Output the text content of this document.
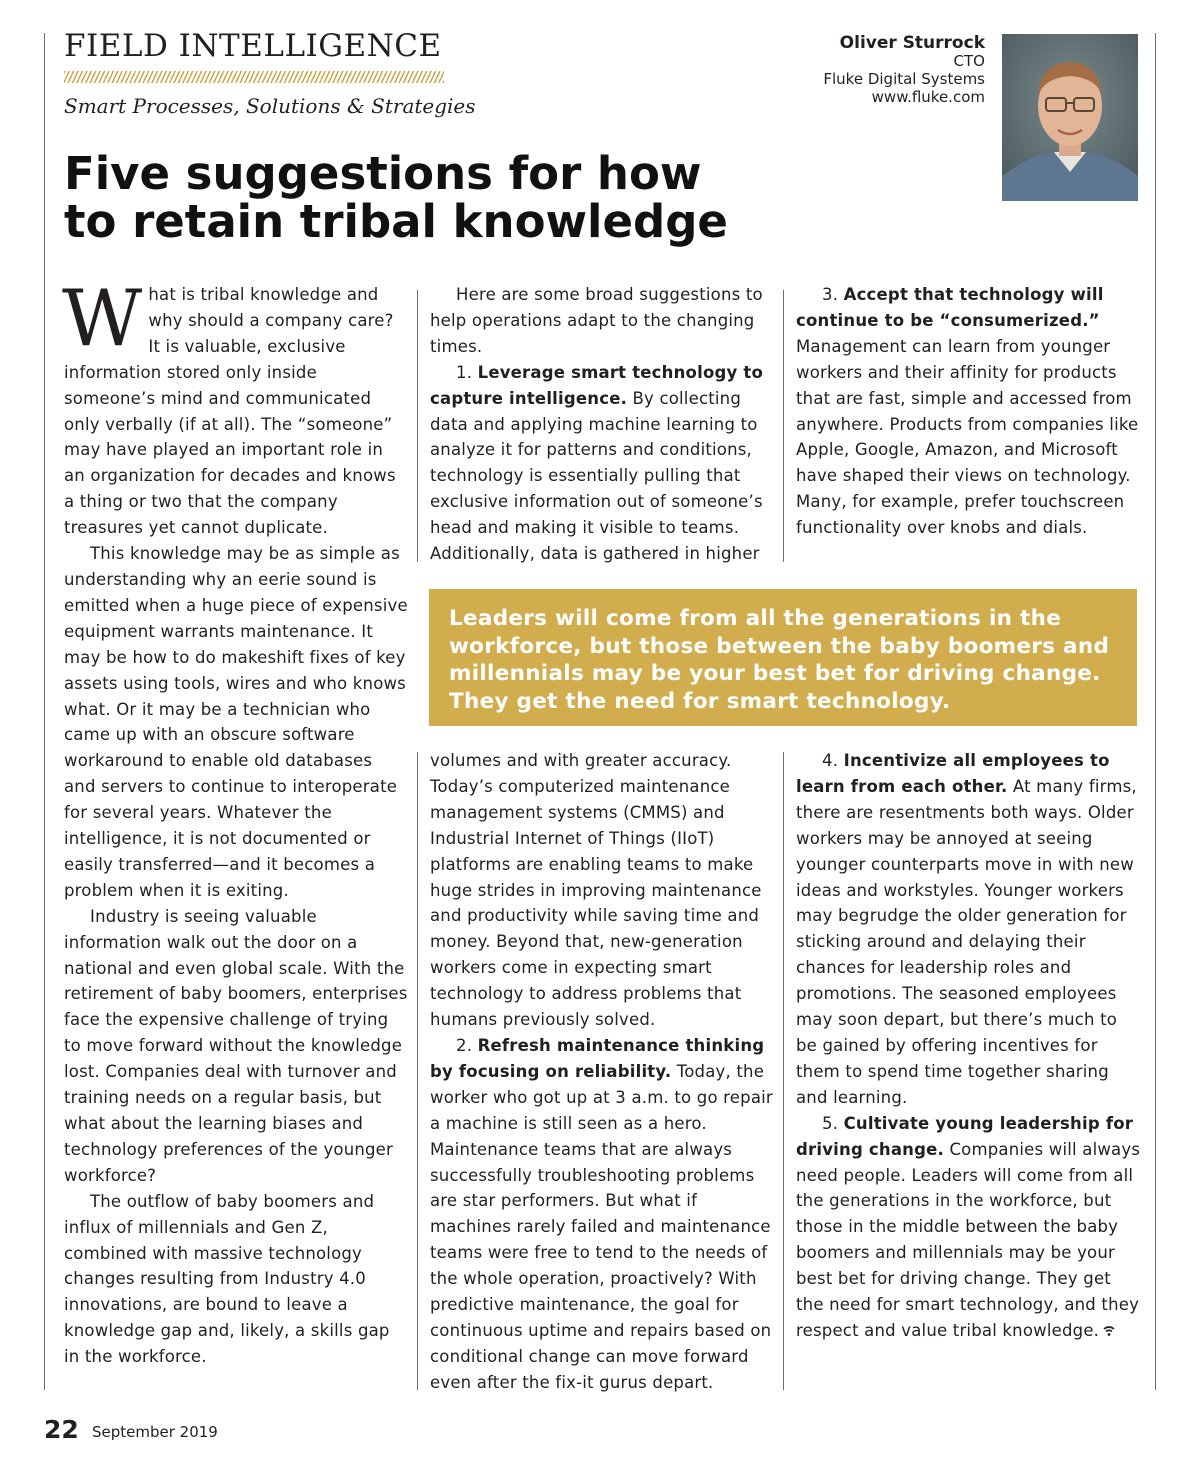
FIELD INTELLIGENCE
Smart Processes, Solutions & Strategies
Oliver Sturrock
CTO
Fluke Digital Systems
www.fluke.com
Five suggestions for how
to retain tribal knowledge

What is tribal knowledge and why should a company care? It is valuable, exclusive information stored only inside someone’s mind and communicated only verbally (if at all). The “someone” may have played an important role in an organization for decades and knows a thing or two that the company treasures yet cannot duplicate.

This knowledge may be as simple as understanding why an eerie sound is emitted when a huge piece of expensive equipment warrants maintenance. It may be how to do makeshift fixes of key assets using tools, wires and who knows what. Or it may be a technician who came up with an obscure software workaround to enable old databases and servers to continue to interoperate for several years. Whatever the intelligence, it is not documented or easily transferred—and it becomes a problem when it is exiting.

Industry is seeing valuable information walk out the door on a national and even global scale. With the retirement of baby boomers, enterprises face the expensive challenge of trying to move forward without the knowledge lost. Companies deal with turnover and training needs on a regular basis, but what about the learning biases and technology preferences of the younger workforce?

The outflow of baby boomers and influx of millennials and Gen Z, combined with massive technology changes resulting from Industry 4.0 innovations, are bound to leave a knowledge gap and, likely, a skills gap in the workforce.

Here are some broad suggestions to help operations adapt to the changing times.

1. Leverage smart technology to capture intelligence. By collecting data and applying machine learning to analyze it for patterns and conditions, technology is essentially pulling that exclusive information out of someone’s head and making it visible to teams. Additionally, data is gathered in higher

3. Accept that technology will continue to be “consumerized.” Management can learn from younger workers and their affinity for products that are fast, simple and accessed from anywhere. Products from companies like Apple, Google, Amazon, and Microsoft have shaped their views on technology. Many, for example, prefer touchscreen functionality over knobs and dials.

Leaders will come from all the generations in the workforce, but those between the baby boomers and millennials may be your best bet for driving change. They get the need for smart technology.

volumes and with greater accuracy. Today’s computerized maintenance management systems (CMMS) and Industrial Internet of Things (IIoT) platforms are enabling teams to make huge strides in improving maintenance and productivity while saving time and money. Beyond that, new-generation workers come in expecting smart technology to address problems that humans previously solved.

2. Refresh maintenance thinking by focusing on reliability. Today, the worker who got up at 3 a.m. to go repair a machine is still seen as a hero. Maintenance teams that are always successfully troubleshooting problems are star performers. But what if machines rarely failed and maintenance teams were free to tend to the needs of the whole operation, proactively? With predictive maintenance, the goal for continuous uptime and repairs based on conditional change can move forward even after the fix-it gurus depart.

4. Incentivize all employees to learn from each other. At many firms, there are resentments both ways. Older workers may be annoyed at seeing younger counterparts move in with new ideas and workstyles. Younger workers may begrudge the older generation for sticking around and delaying their chances for leadership roles and promotions. The seasoned employees may soon depart, but there’s much to be gained by offering incentives for them to spend time together sharing and learning.

5. Cultivate young leadership for driving change. Companies will always need people. Leaders will come from all the generations in the workforce, but those in the middle between the baby boomers and millennials may be your best bet for driving change. They get the need for smart technology, and they respect and value tribal knowledge.

22 September 2019
